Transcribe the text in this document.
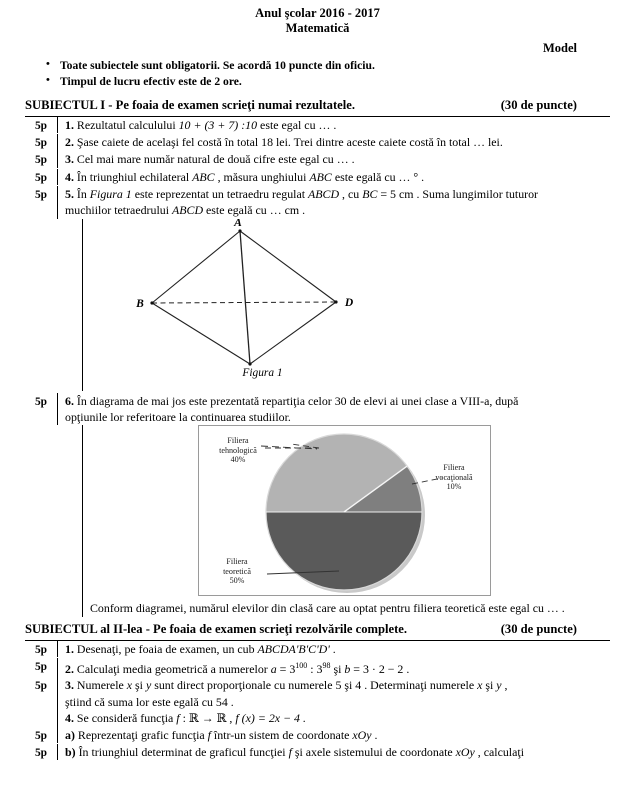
Anul şcolar 2016 - 2017
Matematică
Model
• Toate subiectele sunt obligatorii. Se acordă 10 puncte din oficiu.
• Timpul de lucru efectiv este de 2 ore.
SUBIECTUL I - Pe foaia de examen scrieţi numai rezultatele.	(30 de puncte)
5p	1. Rezultatul calculului 10 + (3 + 7) :10 este egal cu … .
5p	2. Şase caiete de acelaşi fel costă în total 18 lei. Trei dintre aceste caiete costă în total … lei.
5p	3. Cel mai mare număr natural de două cifre este egal cu … .
5p	4. În triunghiul echilateral ABC , măsura unghiului ABC este egală cu … ° .
5p	5. În Figura 1 este reprezentat un tetraedru regulat ABCD , cu BC = 5 cm . Suma lungimilor tuturor
muchiilor tetraedrului ABCD este egală cu … cm .
A
B	D
Figura 1
5p	6. În diagrama de mai jos este prezentată repartiţia celor 30 de elevi ai unei clase a VIII-a, după
opţiunile lor referitoare la continuarea studiilor.
Filiera
tehnologică
40%
Filiera
vocaţională
10%
Filiera
teoretică
50%
Conform diagramei, numărul elevilor din clasă care au optat pentru filiera teoretică este egal cu … .
SUBIECTUL al II-lea - Pe foaia de examen scrieţi rezolvările complete.	(30 de puncte)
5p	1. Desenaţi, pe foaia de examen, un cub ABCDA'B'C'D' .
5p	2. Calculaţi media geometrică a numerelor $a = 3^{100}$ : $3^{98}$ şi b = 3 · 2 − 2 .
5p	3. Numerele x şi y sunt direct proporţionale cu numerele 5 şi 4 . Determinaţi numerele x şi y ,
ştiind că suma lor este egală cu 54 .
4. Se consideră funcţia f : ℝ → ℝ , f (x) = 2x − 4 .
5p	a) Reprezentaţi grafic funcţia f într-un sistem de coordonate xOy .
5p	b) În triunghiul determinat de graficul funcţiei f şi axele sistemului de coordonate xOy , calculaţi
